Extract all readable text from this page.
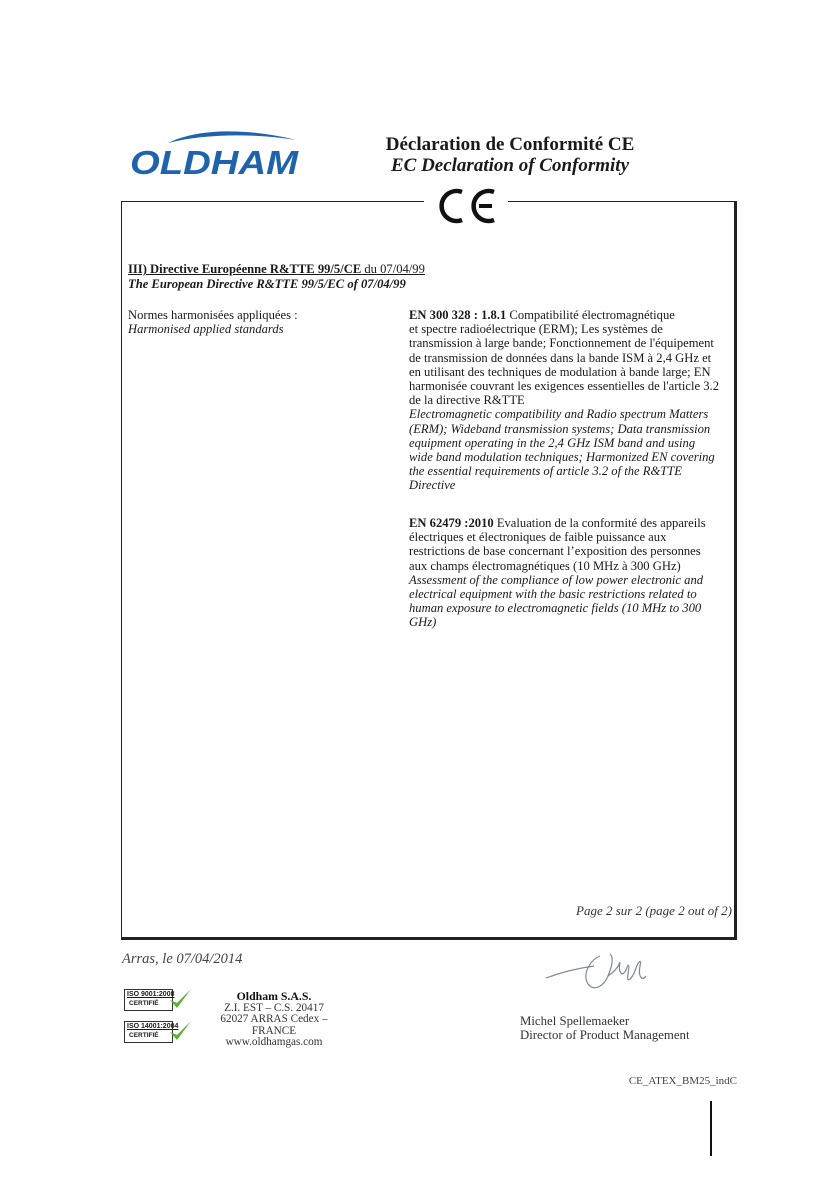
OLDHAM	Déclaration de Conformité CE
EC Declaration of Conformity
III) Directive Européenne R&TTE 99/5/CE du 07/04/99
The European Directive R&TTE 99/5/EC of 07/04/99
Normes harmonisées appliquées :
Harmonised applied standards
EN 300 328 : 1.8.1 Compatibilité électromagnétique
et spectre radioélectrique (ERM); Les systèmes de
transmission à large bande; Fonctionnement de l'équipement
de transmission de données dans la bande ISM à 2,4 GHz et
en utilisant des techniques de modulation à bande large; EN
harmonisée couvrant les exigences essentielles de l'article 3.2
de la directive R&TTE
Electromagnetic compatibility and Radio spectrum Matters
(ERM); Wideband transmission systems; Data transmission
equipment operating in the 2,4 GHz ISM band and using
wide band modulation techniques; Harmonized EN covering
the essential requirements of article 3.2 of the R&TTE
Directive
EN 62479 :2010 Evaluation de la conformité des appareils
électriques et électroniques de faible puissance aux
restrictions de base concernant l’exposition des personnes
aux champs électromagnétiques (10 MHz à 300 GHz)
Assessment of the compliance of low power electronic and
electrical equipment with the basic restrictions related to
human exposure to electromagnetic fields (10 MHz to 300
GHz)
Page 2 sur 2 (page 2 out of 2)
Arras, le 07/04/2014
ISO 9001:2008
CERTIFIÉ
ISO 14001:2004
CERTIFIÉ
Oldham S.A.S.
Z.I. EST – C.S. 20417
62027 ARRAS Cedex – FRANCE
www.oldhamgas.com
Michel Spellemaeker
Director of Product Management
CE_ATEX_BM25_indC
